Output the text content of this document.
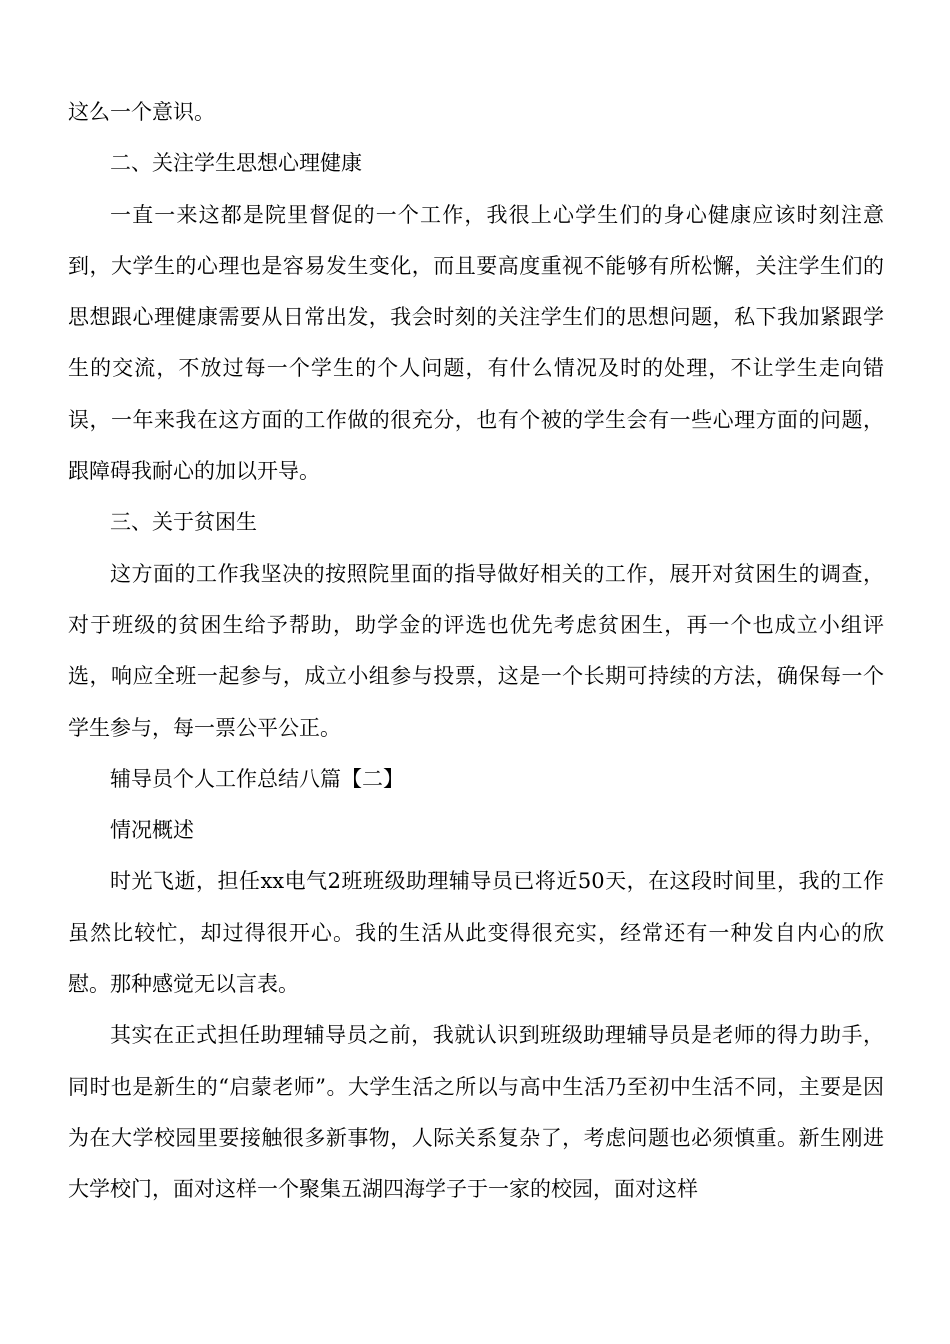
这么一个意识。

二、关注学生思想心理健康

一直一来这都是院里督促的一个工作，我很上心学生们的身心健康应该时刻注意到，大学生的心理也是容易发生变化，而且要高度重视不能够有所松懈，关注学生们的思想跟心理健康需要从日常出发，我会时刻的关注学生们的思想问题，私下我加紧跟学生的交流，不放过每一个学生的个人问题，有什么情况及时的处理，不让学生走向错误，一年来我在这方面的工作做的很充分，也有个被的学生会有一些心理方面的问题，跟障碍我耐心的加以开导。

三、关于贫困生

这方面的工作我坚决的按照院里面的指导做好相关的工作，展开对贫困生的调查，对于班级的贫困生给予帮助，助学金的评选也优先考虑贫困生，再一个也成立小组评选，响应全班一起参与，成立小组参与投票，这是一个长期可持续的方法，确保每一个学生参与，每一票公平公正。

辅导员个人工作总结八篇【二】

情况概述

时光飞逝，担任xx电气2班班级助理辅导员已将近50天，在这段时间里，我的工作虽然比较忙，却过得很开心。我的生活从此变得很充实，经常还有一种发自内心的欣慰。那种感觉无以言表。

其实在正式担任助理辅导员之前，我就认识到班级助理辅导员是老师的得力助手，同时也是新生的“启蒙老师”。大学生活之所以与高中生活乃至初中生活不同，主要是因为在大学校园里要接触很多新事物，人际关系复杂了，考虑问题也必须慎重。新生刚进大学校门，面对这样一个聚集五湖四海学子于一家的校园，面对这样
